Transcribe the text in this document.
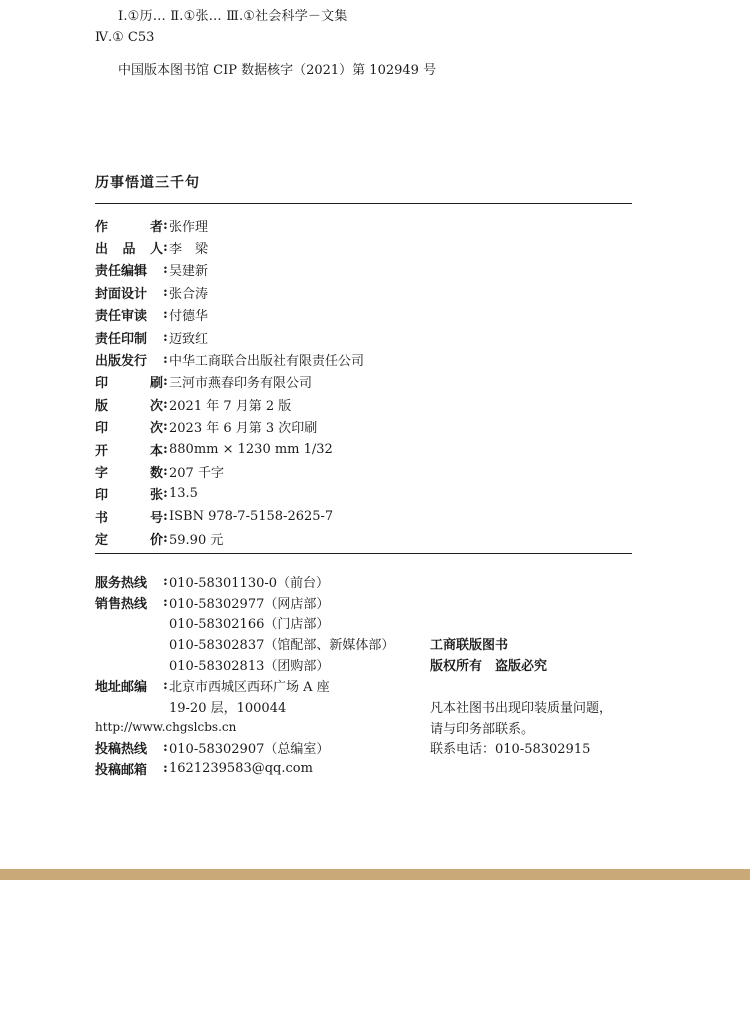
Ⅰ.①历… Ⅱ.①张… Ⅲ.①社会科学－文集
Ⅳ.① C53
中国版本图书馆 CIP 数据核字（2021）第 102949 号
历事悟道三千句
作	者 : 张作理
出 品 人 : 李　梁
责任编辑	: 吴建新
封面设计	: 张合涛
责任审读	: 付德华
责任印制	: 迈致红
出版发行	: 中华工商联合出版社有限责任公司
印	刷 : 三河市燕春印务有限公司
版	次 : 2021 年 7 月第 2 版
印	次 : 2023 年 6 月第 3 次印刷
开	本 : 880mm × 1230 mm 1/32
字	数 : 207 千字
印	张 : 13.5
书	号 : ISBN 978-7-5158-2625-7
定	价 : 59.90 元
服务热线	: 010-58301130-0（前台）
销售热线	: 010-58302977（网店部）
010-58302166（门店部）
010-58302837（馆配部、新媒体部）
010-58302813（团购部）
地址邮编	: 北京市西城区西环广场 A 座
19-20 层，100044
http://www.chgslcbs.cn
投稿热线	: 010-58302907（总编室）
投稿邮箱	: 1621239583@qq.com
工商联版图书
版权所有　盗版必究
凡本社图书出现印装质量问题，
请与印务部联系。
联系电话：010-58302915
